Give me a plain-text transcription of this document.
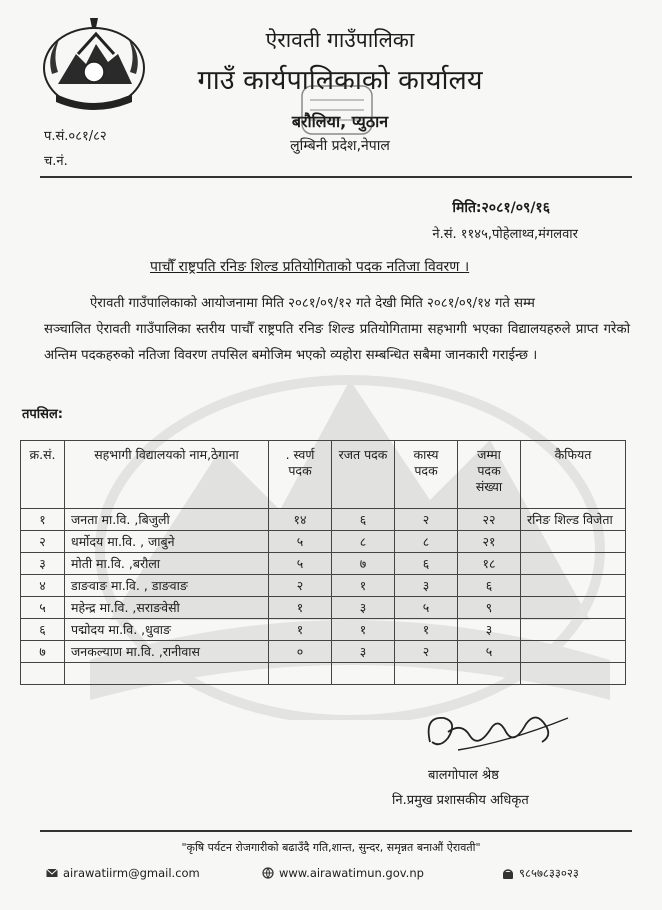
ऐरावती गाउँपालिका
गाउँ कार्यपालिकाको कार्यालय
बरौलिया, प्युठान
लुम्बिनी प्रदेश,नेपाल
प.सं.०८१/८२
च.नं.
मिति:२०८१/०९/१६
ने.सं. ११४५,पोहेलाथ्व,मंगलवार
पाचौँ राष्ट्रपति रनिङ शिल्ड प्रतियोगिताको पदक नतिजा विवरण ।
ऐरावती गाउँपालिकाको आयोजनामा मिति २०८१/०९/१२ गते देखी मिति २०८१/०९/१४ गते सम्म
सञ्चालित ऐरावती गाउँपालिका स्तरीय पाचौँ राष्ट्रपति रनिङ शिल्ड प्रतियोगितामा सहभागी भएका विद्यालयहरुले प्राप्त गरेको अन्तिम पदकहरुको नतिजा विवरण तपसिल बमोजिम भएको व्यहोरा सम्बन्धित सबैमा जानकारी गराईन्छ ।
तपसिल:
क्र.सं.	सहभागी विद्यालयको नाम,ठेगाना	. स्वर्ण पदक	रजत पदक	कास्य पदक	जम्मा पदक संख्या	कैफियत
१	जनता मा.वि. ,बिजुली	१४	६	२	२२	रनिङ शिल्ड विजेता
२	धर्मोदय मा.वि. , जाबुने	५	८	८	२१	
३	मोती मा.वि. ,बरौला	५	७	६	१८	
४	डाङवाङ मा.वि. , डाङवाङ	२	१	३	६	
५	महेन्द्र मा.वि. ,सराङवेसी	१	३	५	९	
६	पद्मोदय मा.वि. ,धुवाङ	१	१	१	३	
७	जनकल्याण मा.वि. ,रानीवास	०	३	२	५	

बालगोपाल श्रेष्ठ
नि.प्रमुख प्रशासकीय अधिकृत
"कृषि पर्यटन रोजगारीको बढाउँदै गति,शान्त, सुन्दर, समृन्नत बनाऔं ऐरावती"
airawatiirm@gmail.com	www.airawatimun.gov.np	९८५७८३३०२३
